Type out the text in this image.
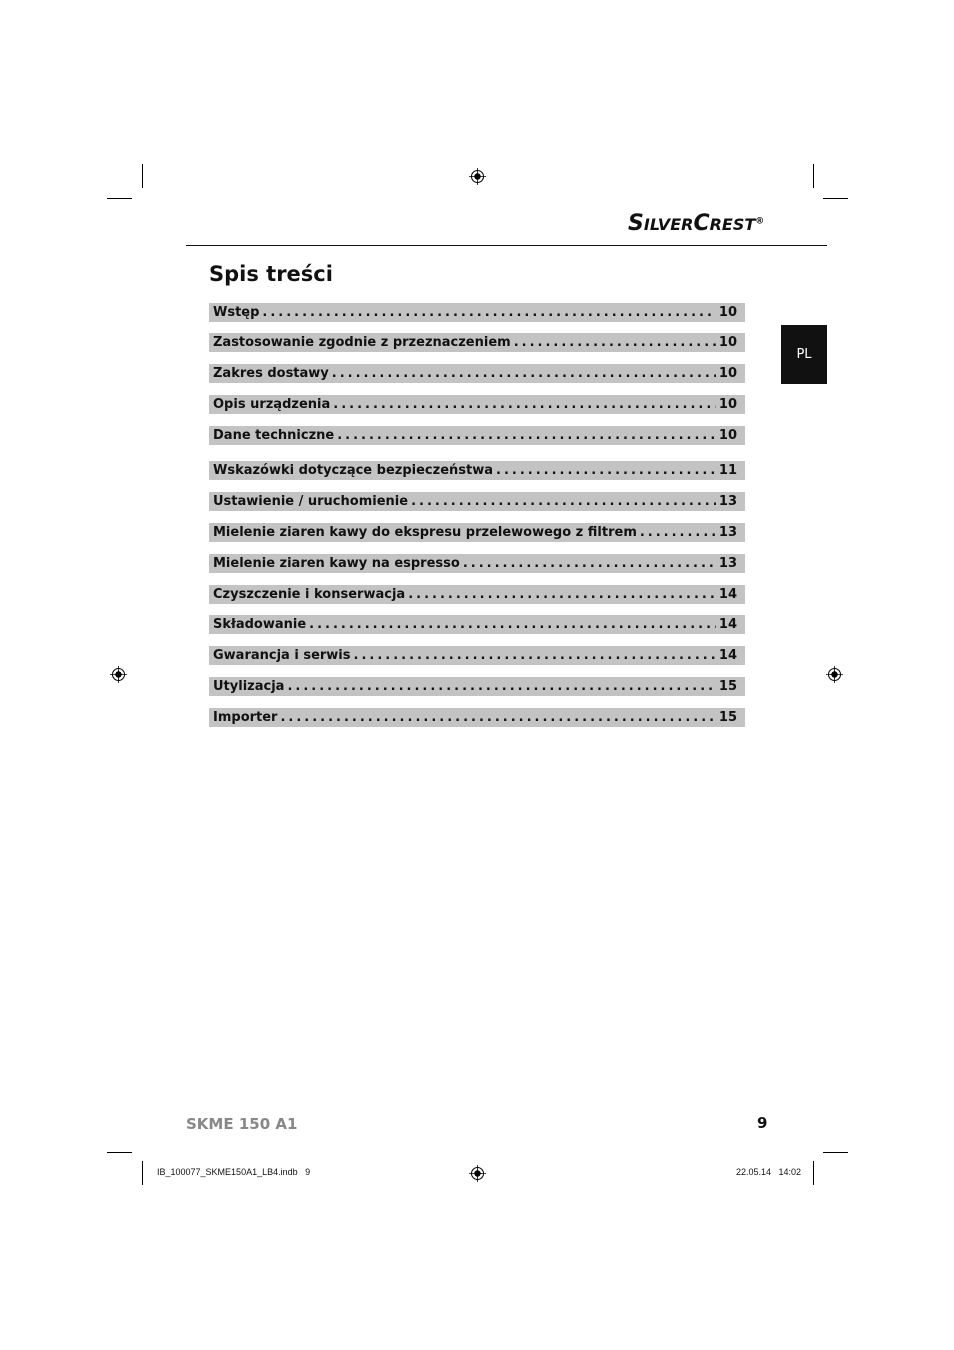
SILVERCREST®
Spis treści
Wstęp .....	10
Zastosowanie zgodnie z przeznaczeniem .....	10
Zakres dostawy .....	10
Opis urządzenia .....	10
Dane techniczne .....	10
Wskazówki dotyczące bezpieczeństwa .....	11
Ustawienie / uruchomienie .....	13
Mielenie ziaren kawy do ekspresu przelewowego z filtrem .....	13
Mielenie ziaren kawy na espresso .....	13
Czyszczenie i konserwacja .....	14
Składowanie .....	14
Gwarancja i serwis .....	14
Utylizacja .....	15
Importer .....	15
PL
SKME 150 A1	9
IB_100077_SKME150A1_LB4.indb   9	22.05.14   14:02
